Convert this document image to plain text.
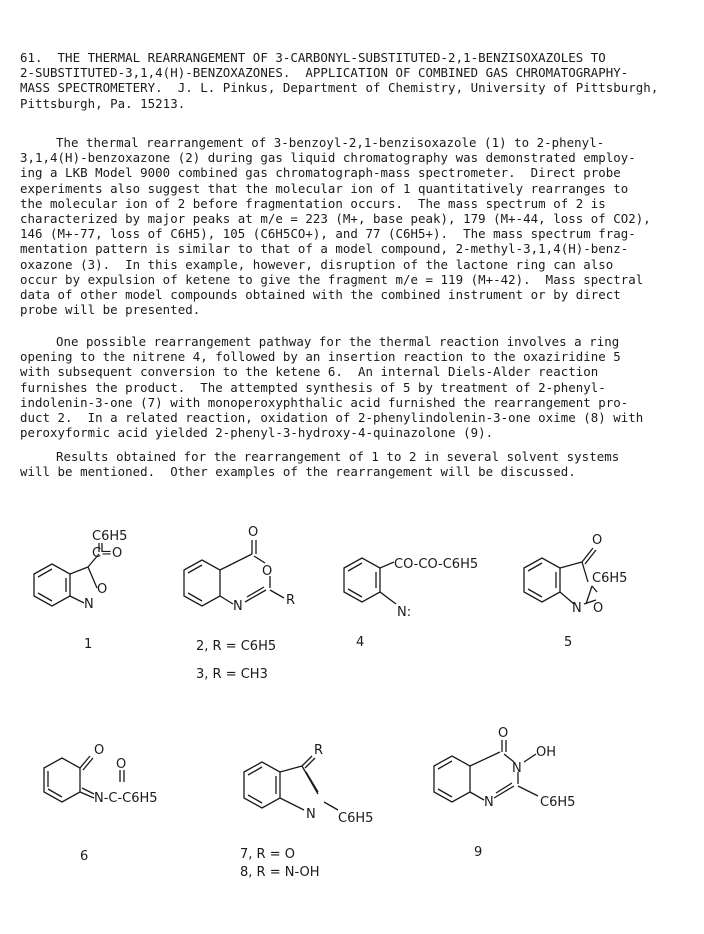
61.  THE THERMAL REARRANGEMENT OF 3-CARBONYL-SUBSTITUTED-2,1-BENZISOXAZOLES TO

2-SUBSTITUTED-3,1,4(H)-BENZOXAZONES.  APPLICATION OF COMBINED GAS CHROMATOGRAPHY-

MASS SPECTROMETERY.  J. L. Pinkus, Department of Chemistry, University of Pittsburgh,

Pittsburgh, Pa. 15213.

The thermal rearrangement of 3-benzoyl-2,1-benzisoxazole (1) to 2-phenyl-

3,1,4(H)-benzoxazone (2) during gas liquid chromatography was demonstrated employ-

ing a LKB Model 9000 combined gas chromatograph-mass spectrometer.  Direct probe

experiments also suggest that the molecular ion of 1 quantitatively rearranges to

the molecular ion of 2 before fragmentation occurs.  The mass spectrum of 2 is

characterized by major peaks at m/e = 223 (M+, base peak), 179 (M+-44, loss of CO2),

146 (M+-77, loss of C6H5), 105 (C6H5CO+), and 77 (C6H5+).  The mass spectrum frag-

mentation pattern is similar to that of a model compound, 2-methyl-3,1,4(H)-benz-

oxazone (3).  In this example, however, disruption of the lactone ring can also

occur by expulsion of ketene to give the fragment m/e = 119 (M+-42).  Mass spectral

data of other model compounds obtained with the combined instrument or by direct

probe will be presented.

One possible rearrangement pathway for the thermal reaction involves a ring

opening to the nitrene 4, followed by an insertion reaction to the oxaziridine 5

with subsequent conversion to the ketene 6.  An internal Diels-Alder reaction

furnishes the product.  The attempted synthesis of 5 by treatment of 2-phenyl-

indolenin-3-one (7) with monoperoxyphthalic acid furnished the rearrangement pro-

duct 2.  In a related reaction, oxidation of 2-phenylindolenin-3-one oxime (8) with

peroxyformic acid yielded 2-phenyl-3-hydroxy-4-quinazolone (9).

Results obtained for the rearrangement of 1 to 2 in several solvent systems

will be mentioned.  Other examples of the rearrangement will be discussed.

C6H5
C=O
O
N
1
O
O
N	R
2, R = C6H5
3, R = CH3
CO-CO-C6H5
N:
4
O
C6H5
N O
5
O
O
N-C-C6H5
6
R
N C6H5
7, R = O
8, R = N-OH
O
N
OH
N	C6H5
9
